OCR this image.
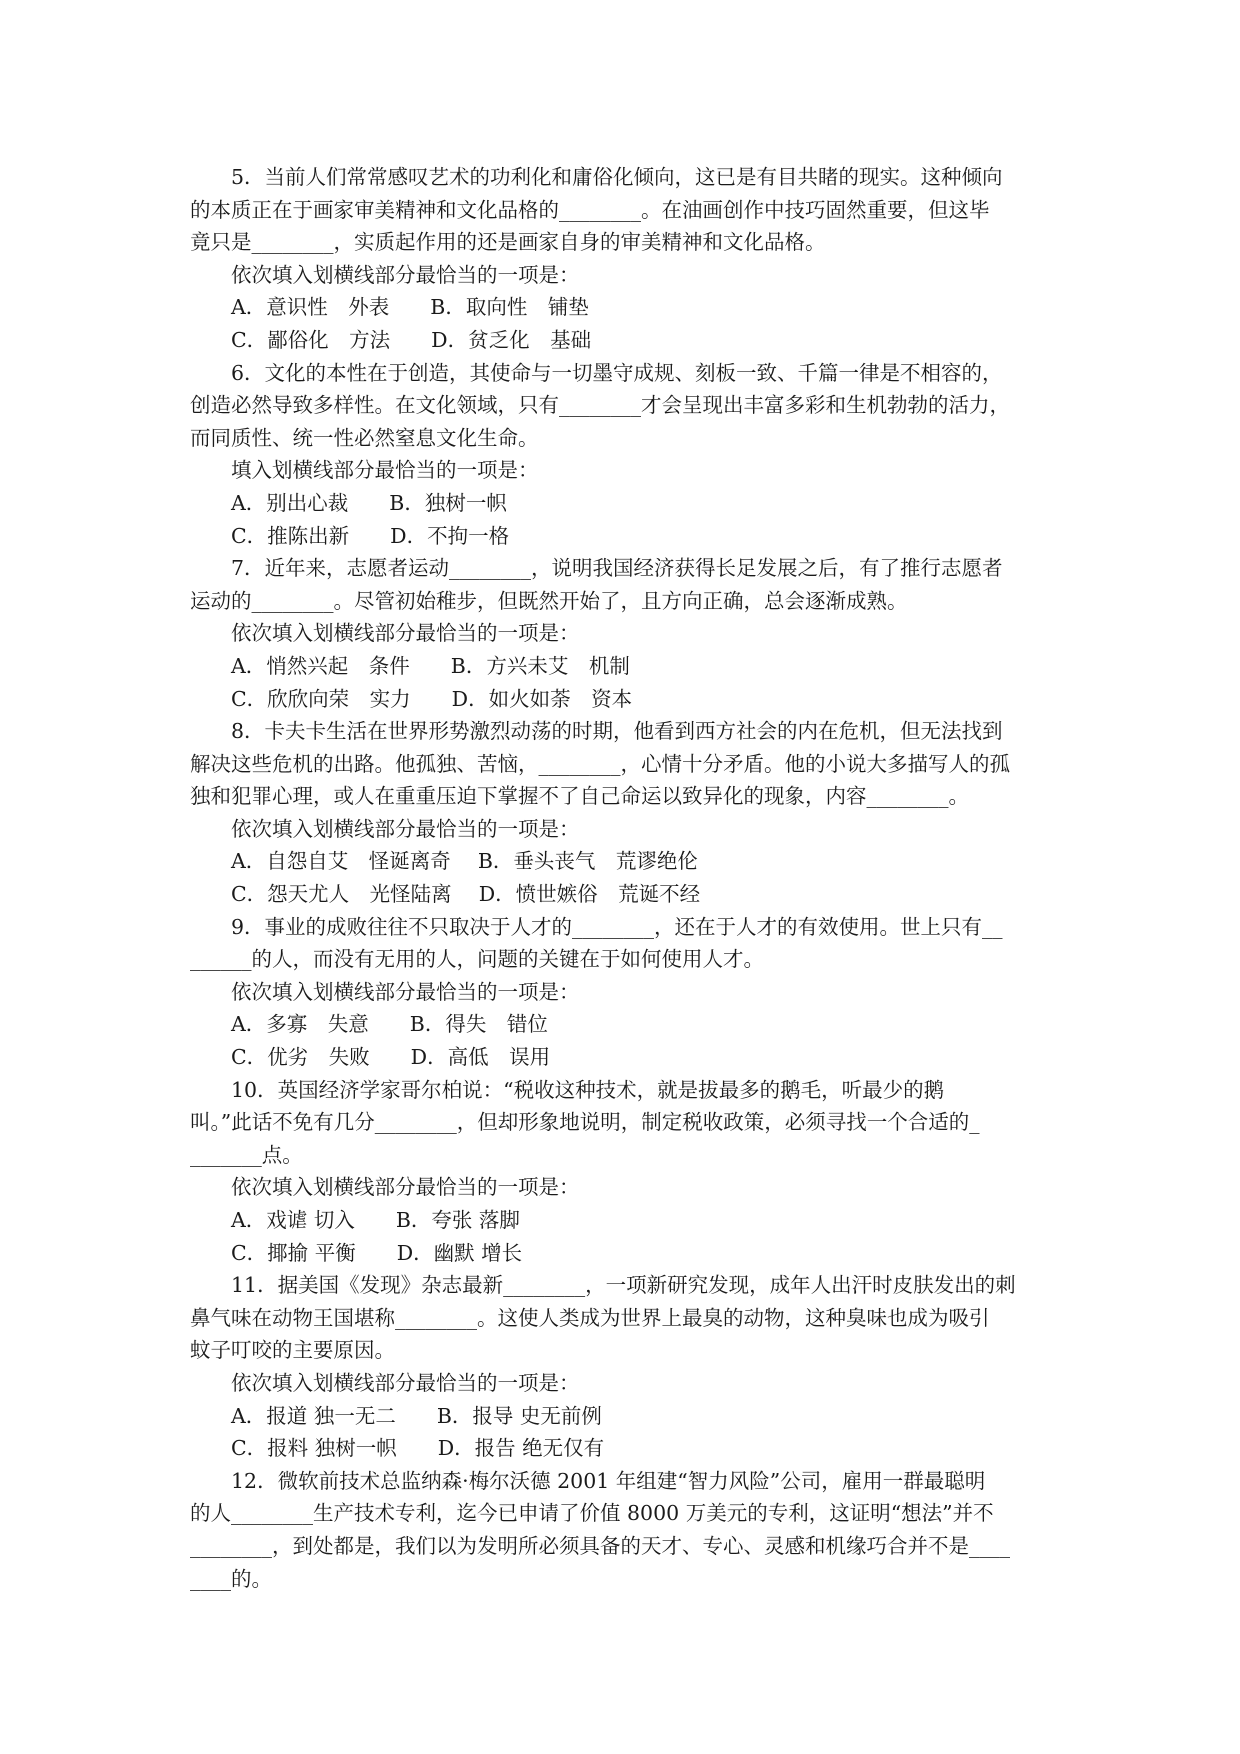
5．当前人们常常感叹艺术的功利化和庸俗化倾向，这已是有目共睹的现实。这种倾向
的本质正在于画家审美精神和文化品格的________。在油画创作中技巧固然重要，但这毕
竟只是________，实质起作用的还是画家自身的审美精神和文化品格。
依次填入划横线部分最恰当的一项是：
A．意识性　外表　　B．取向性　铺垫
C．鄙俗化　方法　　D．贫乏化　基础
6．文化的本性在于创造，其使命与一切墨守成规、刻板一致、千篇一律是不相容的，
创造必然导致多样性。在文化领域，只有________才会呈现出丰富多彩和生机勃勃的活力，
而同质性、统一性必然窒息文化生命。
填入划横线部分最恰当的一项是：
A．别出心裁　　B．独树一帜
C．推陈出新　　D．不拘一格
7．近年来，志愿者运动________，说明我国经济获得长足发展之后，有了推行志愿者
运动的________。尽管初始稚步，但既然开始了，且方向正确，总会逐渐成熟。
依次填入划横线部分最恰当的一项是：
A．悄然兴起　条件　　B．方兴未艾　机制
C．欣欣向荣　实力　　D．如火如荼　资本
8．卡夫卡生活在世界形势激烈动荡的时期，他看到西方社会的内在危机，但无法找到
解决这些危机的出路。他孤独、苦恼，________，心情十分矛盾。他的小说大多描写人的孤
独和犯罪心理，或人在重重压迫下掌握不了自己命运以致异化的现象，内容________。
依次填入划横线部分最恰当的一项是：
A．自怨自艾　怪诞离奇　 B．垂头丧气　荒谬绝伦
C．怨天尤人　光怪陆离　 D．愤世嫉俗　荒诞不经
9．事业的成败往往不只取决于人才的________，还在于人才的有效使用。世上只有__
______的人，而没有无用的人，问题的关键在于如何使用人才。
依次填入划横线部分最恰当的一项是：
A．多寡　失意　　B．得失　错位
C．优劣　失败　　D．高低　误用
10．英国经济学家哥尔柏说：“税收这种技术，就是拔最多的鹅毛，听最少的鹅
叫。”此话不免有几分________，但却形象地说明，制定税收政策，必须寻找一个合适的_
_______点。
依次填入划横线部分最恰当的一项是：
A．戏谑 切入　　B．夸张 落脚
C．揶揄 平衡　　D．幽默 增长
11．据美国《发现》杂志最新________，一项新研究发现，成年人出汗时皮肤发出的刺
鼻气味在动物王国堪称________。这使人类成为世界上最臭的动物，这种臭味也成为吸引
蚊子叮咬的主要原因。
依次填入划横线部分最恰当的一项是：
A．报道 独一无二　　B．报导 史无前例
C．报料 独树一帜　　D．报告 绝无仅有
12．微软前技术总监纳森·梅尔沃德 2001 年组建“智力风险”公司，雇用一群最聪明
的人________生产技术专利，迄今已申请了价值 8000 万美元的专利，这证明“想法”并不
________，到处都是，我们以为发明所必须具备的天才、专心、灵感和机缘巧合并不是____
____的。
